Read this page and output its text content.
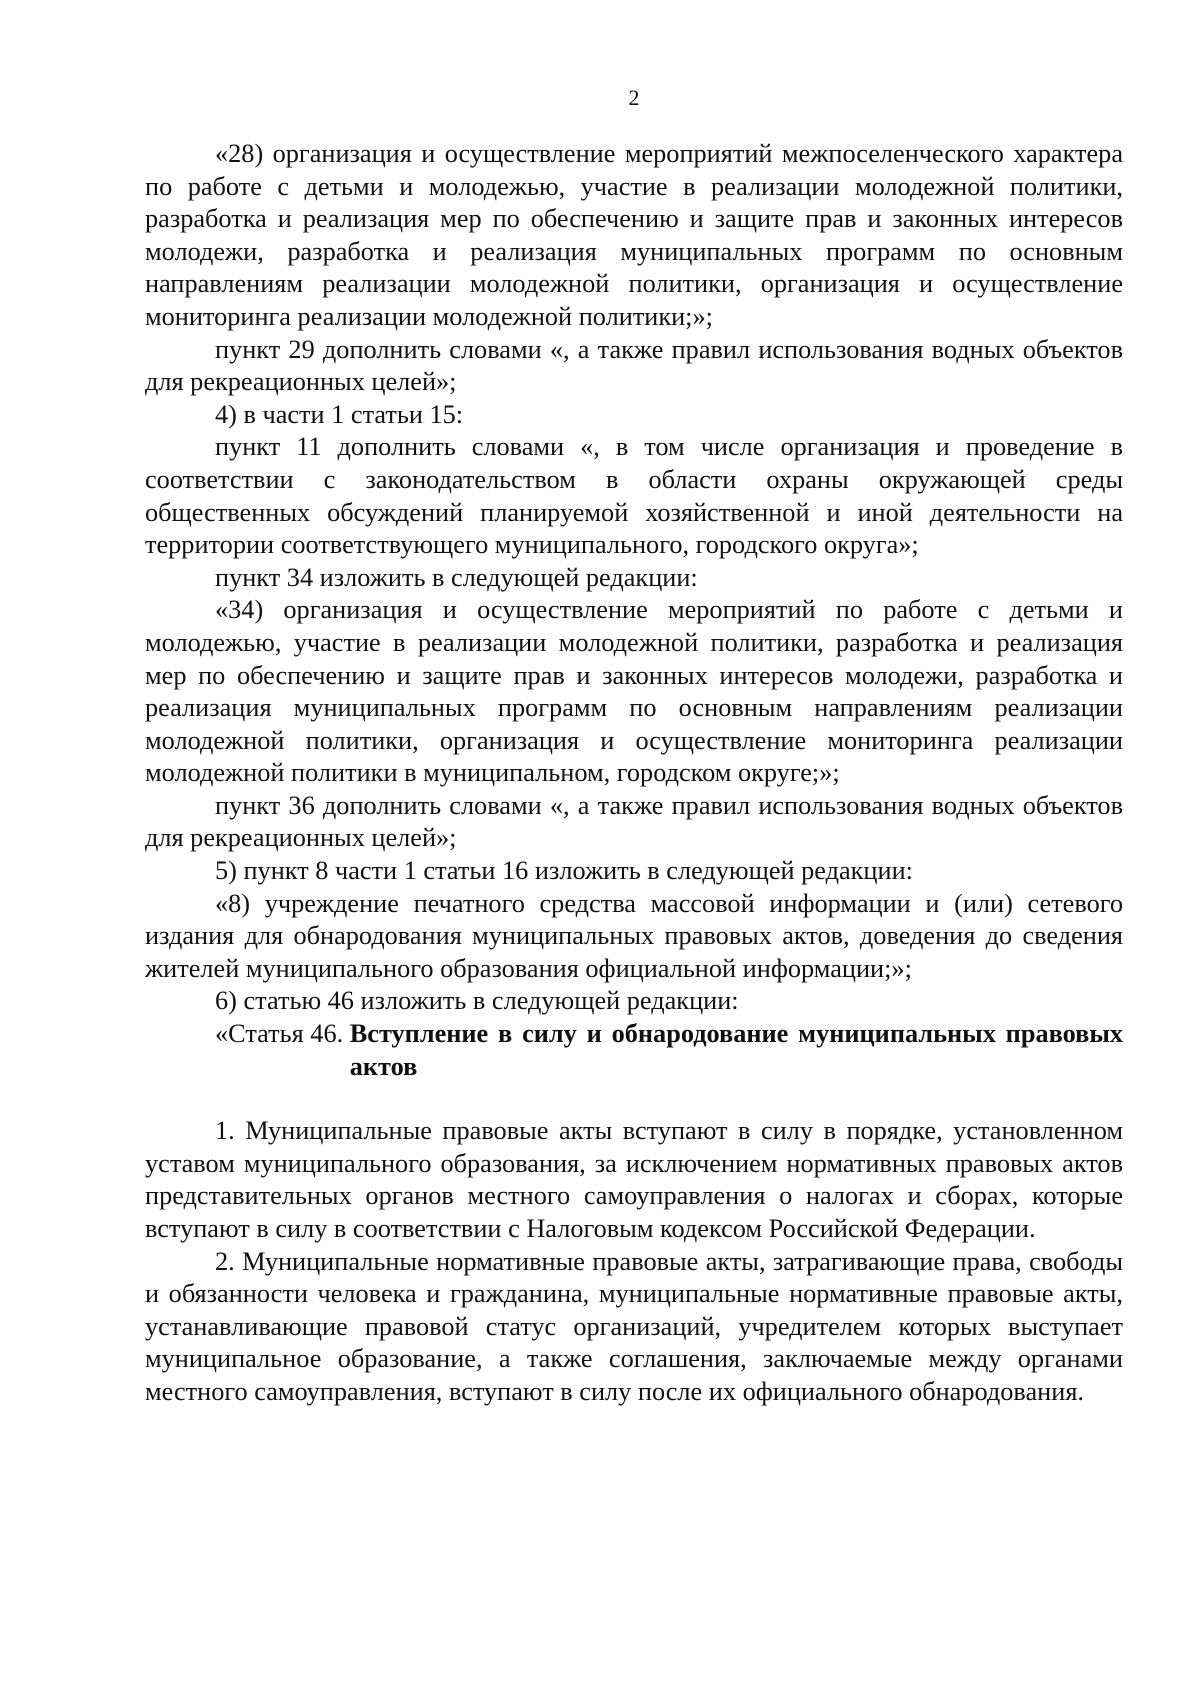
2

«28) организация и осуществление мероприятий межпоселенческого характера по работе с детьми и молодежью, участие в реализации молодежной политики, разработка и реализация мер по обеспечению и защите прав и законных интересов молодежи, разработка и реализация муниципальных программ по основным направлениям реализации молодежной политики, организация и осуществление мониторинга реализации молодежной политики;»;

пункт 29 дополнить словами «, а также правил использования водных объектов для рекреационных целей»;

4) в части 1 статьи 15:

пункт 11 дополнить словами «, в том числе организация и проведение в соответствии с законодательством в области охраны окружающей среды общественных обсуждений планируемой хозяйственной и иной деятельности на территории соответствующего муниципального, городского округа»;

пункт 34 изложить в следующей редакции:

«34) организация и осуществление мероприятий по работе с детьми и молодежью, участие в реализации молодежной политики, разработка и реализация мер по обеспечению и защите прав и законных интересов молодежи, разработка и реализация муниципальных программ по основным направлениям реализации молодежной политики, организация и осуществление мониторинга реализации молодежной политики в муниципальном, городском округе;»;

пункт 36 дополнить словами «, а также правил использования водных объектов для рекреационных целей»;

5) пункт 8 части 1 статьи 16 изложить в следующей редакции:

«8) учреждение печатного средства массовой информации и (или) сетевого издания для обнародования муниципальных правовых актов, доведения до сведения жителей муниципального образования официальной информации;»;

6) статью 46 изложить в следующей редакции:

«Статья 46. Вступление в силу и обнародование муниципальных правовых актов

1. Муниципальные правовые акты вступают в силу в порядке, установленном уставом муниципального образования, за исключением нормативных правовых актов представительных органов местного самоуправления о налогах и сборах, которые вступают в силу в соответствии с Налоговым кодексом Российской Федерации.

2. Муниципальные нормативные правовые акты, затрагивающие права, свободы и обязанности человека и гражданина, муниципальные нормативные правовые акты, устанавливающие правовой статус организаций, учредителем которых выступает муниципальное образование, а также соглашения, заключаемые между органами местного самоуправления, вступают в силу после их официального обнародования.
